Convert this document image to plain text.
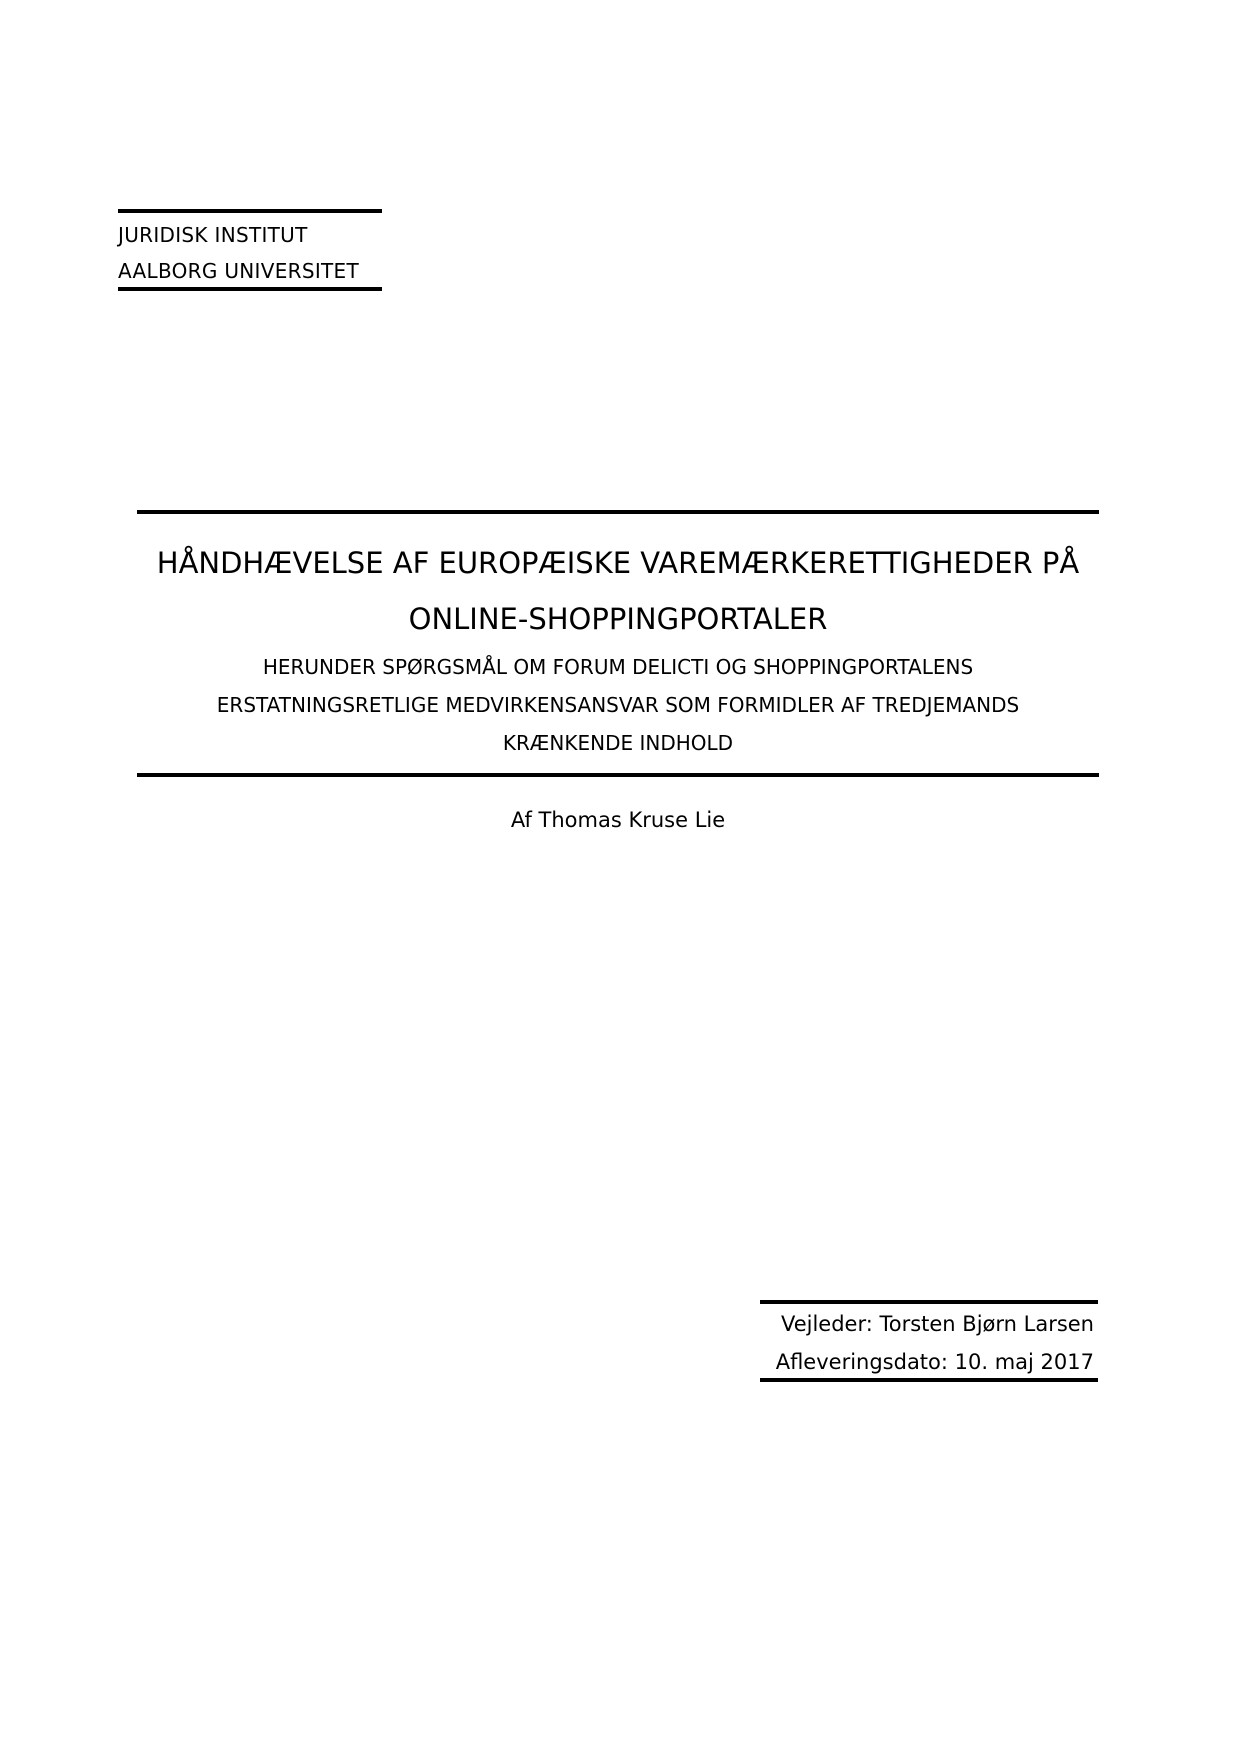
JURIDISK INSTITUT
AALBORG UNIVERSITET
HÅNDHÆVELSE AF EUROPÆISKE VAREMÆRKERETTIGHEDER PÅ
ONLINE-SHOPPINGPORTALER
HERUNDER SPØRGSMÅL OM FORUM DELICTI OG SHOPPINGPORTALENS
ERSTATNINGSRETLIGE MEDVIRKENSANSVAR SOM FORMIDLER AF TREDJEMANDS
KRÆNKENDE INDHOLD
Af Thomas Kruse Lie
Vejleder: Torsten Bjørn Larsen
Afleveringsdato: 10. maj 2017
